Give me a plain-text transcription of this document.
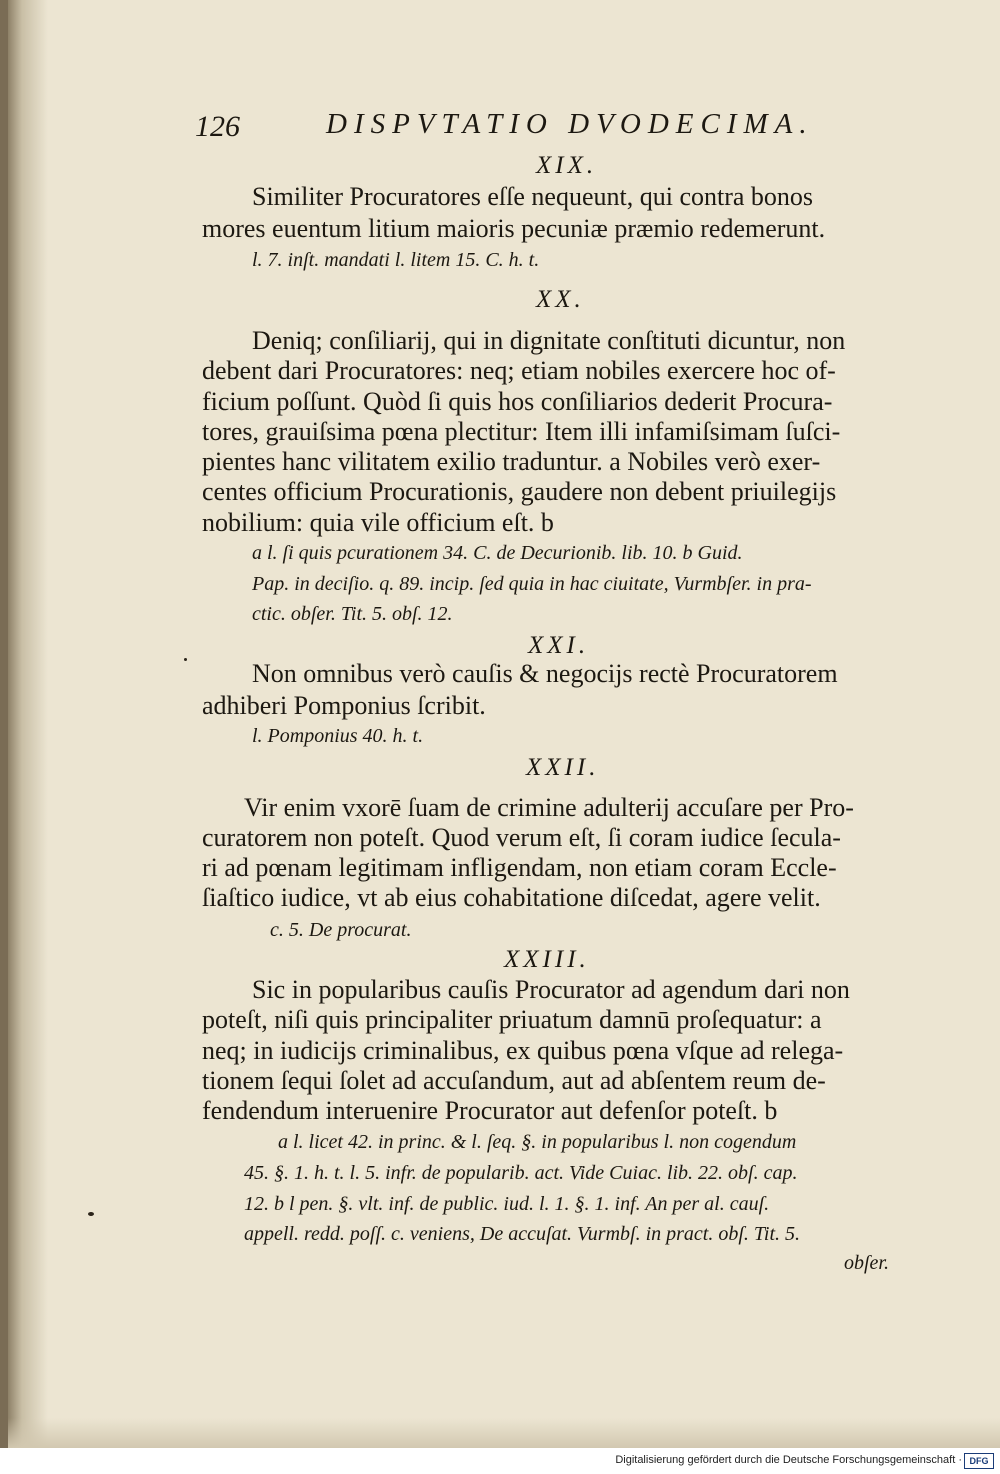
126	DISPVTATIO DVODECIMA.
XIX.
Similiter Procuratores eſſe nequeunt, qui contra bonos
mores euentum litium maioris pecuniæ præmio redemerunt.
l. 7. inſt. mandati l. litem 15. C. h. t.
XX.
Deniq; conſiliarij, qui in dignitate conſtituti dicuntur, non
debent dari Procuratores: neq; etiam nobiles exercere hoc of-
ficium poſſunt. Quòd ſi quis hos conſiliarios dederit Procura-
tores, grauiſsima pœna plectitur: Item illi infamiſsimam ſuſci-
pientes hanc vilitatem exilio traduntur. a Nobiles verò exer-
centes officium Procurationis, gaudere non debent priuilegijs
nobilium: quia vile officium eſt. b
a l. ſi quis pcurationem 34. C. de Decurionib. lib. 10. b Guid.
Pap. in deciſio. q. 89. incip. ſed quia in hac ciuitate, Vurmbſer. in pra-
ctic. obſer. Tit. 5. obſ. 12.
XXI.
Non omnibus verò cauſis & negocijs rectè Procuratorem
adhiberi Pomponius ſcribit.
l. Pomponius 40. h. t.
XXII.
Vir enim vxorē ſuam de crimine adulterij accuſare per Pro-
curatorem non poteſt. Quod verum eſt, ſi coram iudice ſecula-
ri ad pœnam legitimam infligendam, non etiam coram Eccle-
ſiaſtico iudice, vt ab eius cohabitatione diſcedat, agere velit.
c. 5. De procurat.
XXIII.
Sic in popularibus cauſis Procurator ad agendum dari non
poteſt, niſi quis principaliter priuatum damnū proſequatur: a
neq; in iudicijs criminalibus, ex quibus pœna vſque ad relega-
tionem ſequi ſolet ad accuſandum, aut ad abſentem reum de-
fendendum interuenire Procurator aut defenſor poteſt. b
a l. licet 42. in princ. & l. ſeq. §. in popularibus l. non cogendum
45. §. 1. h. t. l. 5. infr. de popularib. act. Vide Cuiac. lib. 22. obſ. cap.
12. b l pen. §. vlt. inf. de public. iud. l. 1. §. 1. inf. An per al. cauſ.
appell. redd. poſſ. c. veniens, De accuſat. Vurmbſ. in pract. obſ. Tit. 5.
obſer.
Digitalisierung gefördert durch die Deutsche Forschungsgemeinschaft · DFG
